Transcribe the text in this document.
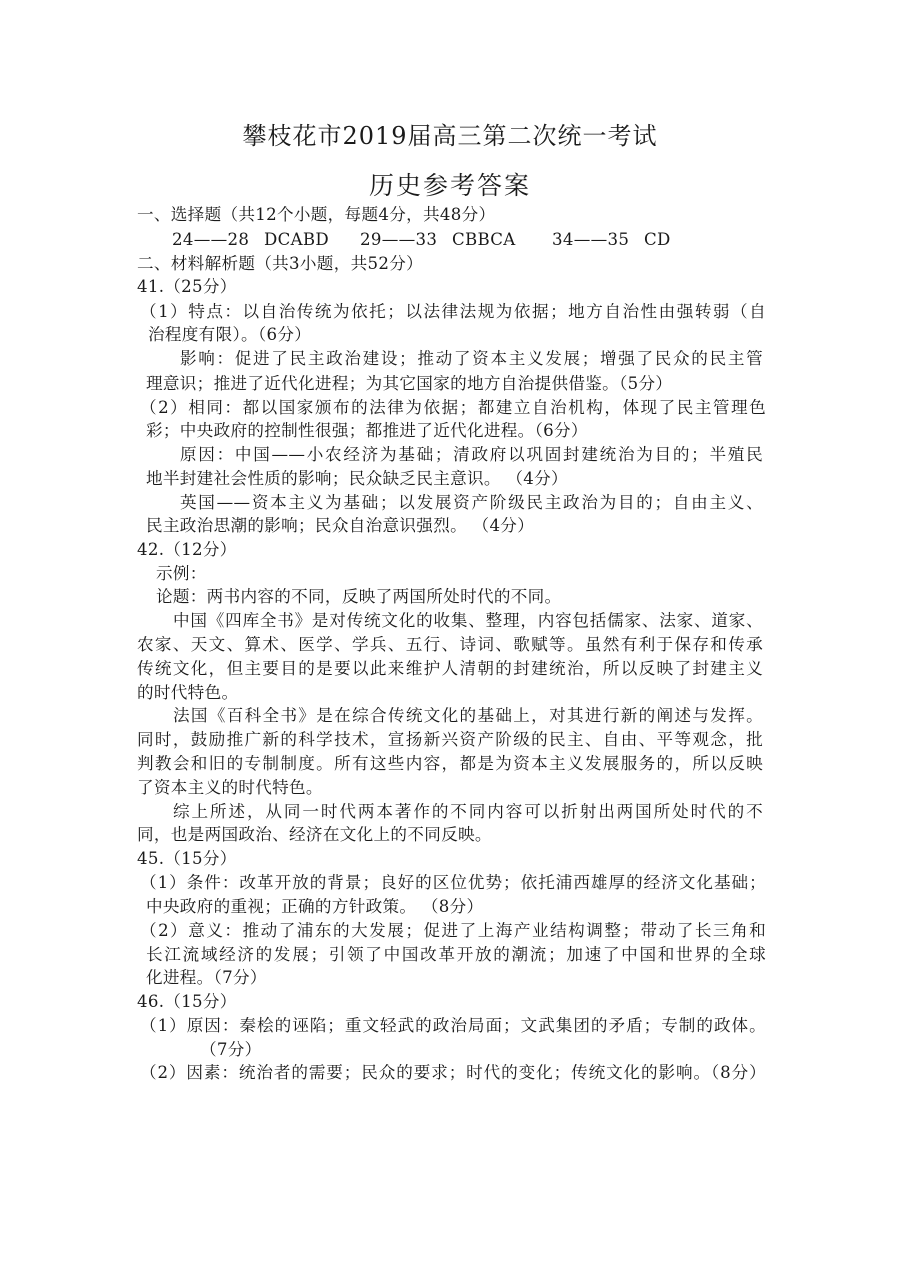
攀枝花市2019届高三第二次统一考试
历史参考答案
一、选择题（共12个小题，每题4分，共48分）
24——28 DCABD 29——33 CBBCA 34——35 CD
二、材料解析题（共3小题，共52分）
41.（25分）
（1）特点：以自治传统为依托；以法律法规为依据；地方自治性由强转弱（自
治程度有限）。（6分）
影响：促进了民主政治建设；推动了资本主义发展；增强了民众的民主管
理意识；推进了近代化进程；为其它国家的地方自治提供借鉴。（5分）
（2）相同：都以国家颁布的法律为依据；都建立自治机构，体现了民主管理色
彩；中央政府的控制性很强；都推进了近代化进程。（6分）
原因：中国——小农经济为基础；清政府以巩固封建统治为目的；半殖民
地半封建社会性质的影响；民众缺乏民主意识。 （4分）
英国——资本主义为基础；以发展资产阶级民主政治为目的；自由主义、
民主政治思潮的影响；民众自治意识强烈。 （4分）
42.（12分）
示例：
论题：两书内容的不同，反映了两国所处时代的不同。
中国《四库全书》是对传统文化的收集、整理，内容包括儒家、法家、道家、
农家、天文、算术、医学、学兵、五行、诗词、歌赋等。虽然有利于保存和传承
传统文化，但主要目的是要以此来维护人清朝的封建统治，所以反映了封建主义
的时代特色。
法国《百科全书》是在综合传统文化的基础上，对其进行新的阐述与发挥。
同时，鼓励推广新的科学技术，宣扬新兴资产阶级的民主、自由、平等观念，批
判教会和旧的专制制度。所有这些内容，都是为资本主义发展服务的，所以反映
了资本主义的时代特色。
综上所述，从同一时代两本著作的不同内容可以折射出两国所处时代的不
同，也是两国政治、经济在文化上的不同反映。
45.（15分）
（1）条件：改革开放的背景；良好的区位优势；依托浦西雄厚的经济文化基础；
中央政府的重视；正确的方针政策。 （8分）
（2）意义：推动了浦东的大发展；促进了上海产业结构调整；带动了长三角和
长江流域经济的发展；引领了中国改革开放的潮流；加速了中国和世界的全球
化进程。（7分）
46.（15分）
（1）原因：秦桧的诬陷；重文轻武的政治局面；文武集团的矛盾；专制的政体。
（7分）
（2）因素：统治者的需要；民众的要求；时代的变化；传统文化的影响。（8分）
